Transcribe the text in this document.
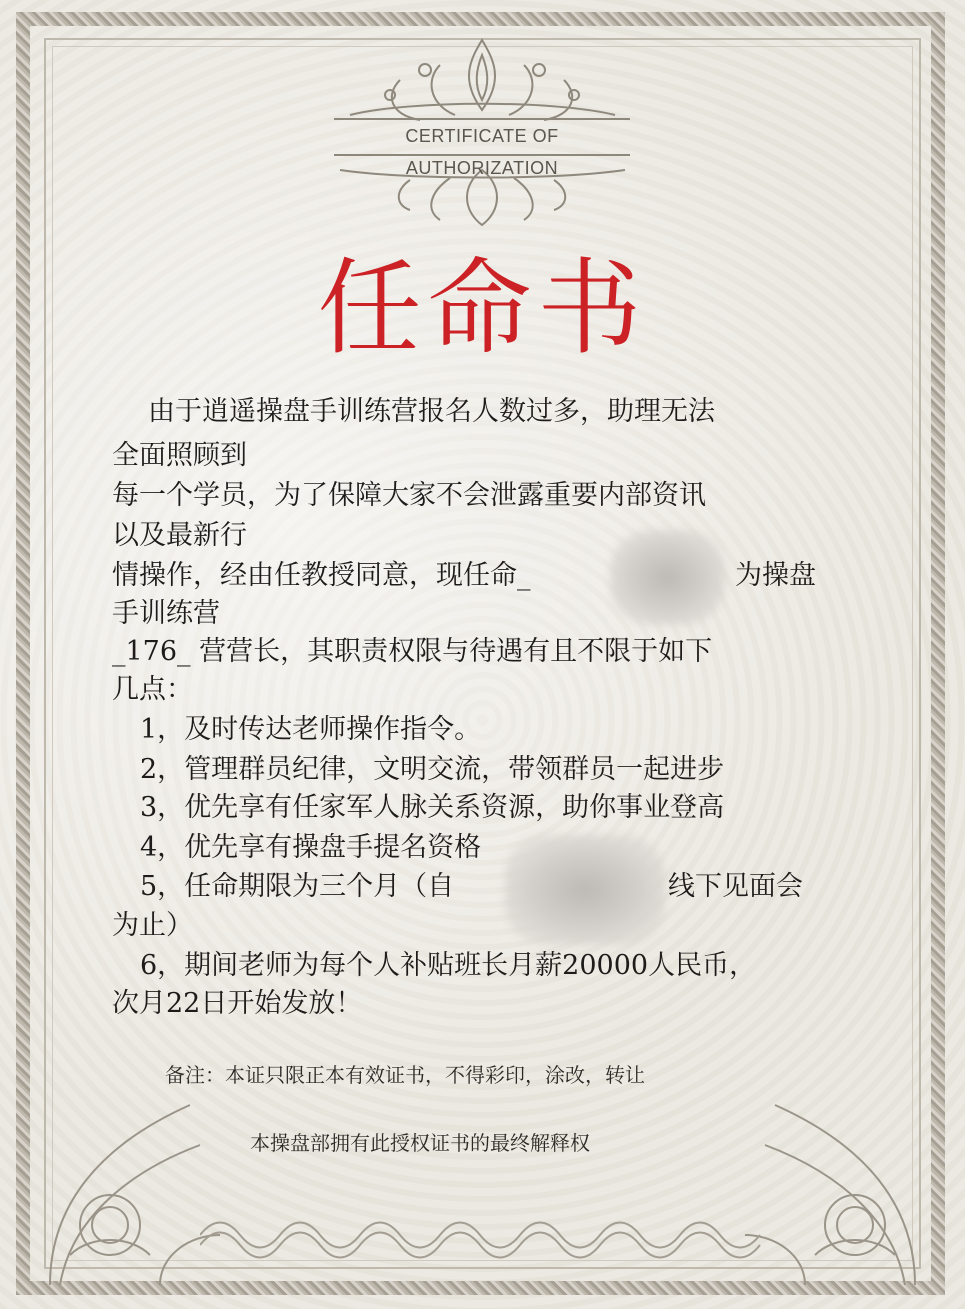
CERTIFICATE OF AUTHORIZATION
任命书
由于逍遥操盘手训练营报名人数过多，助理无法
全面照顾到
每一个学员，为了保障大家不会泄露重要内部资讯
以及最新行
情操作，经由任教授同意，现任命_	为操盘
手训练营
_176_ 营营长，其职责权限与待遇有且不限于如下
几点：
1，及时传达老师操作指令。
2，管理群员纪律，文明交流，带领群员一起进步
3，优先享有任家军人脉关系资源，助你事业登高
4，优先享有操盘手提名资格
5，任命期限为三个月（自	线下见面会
为止）
6，期间老师为每个人补贴班长月薪20000人民币，
次月22日开始发放！
备注：本证只限正本有效证书，不得彩印，涂改，转让
本操盘部拥有此授权证书的最终解释权
